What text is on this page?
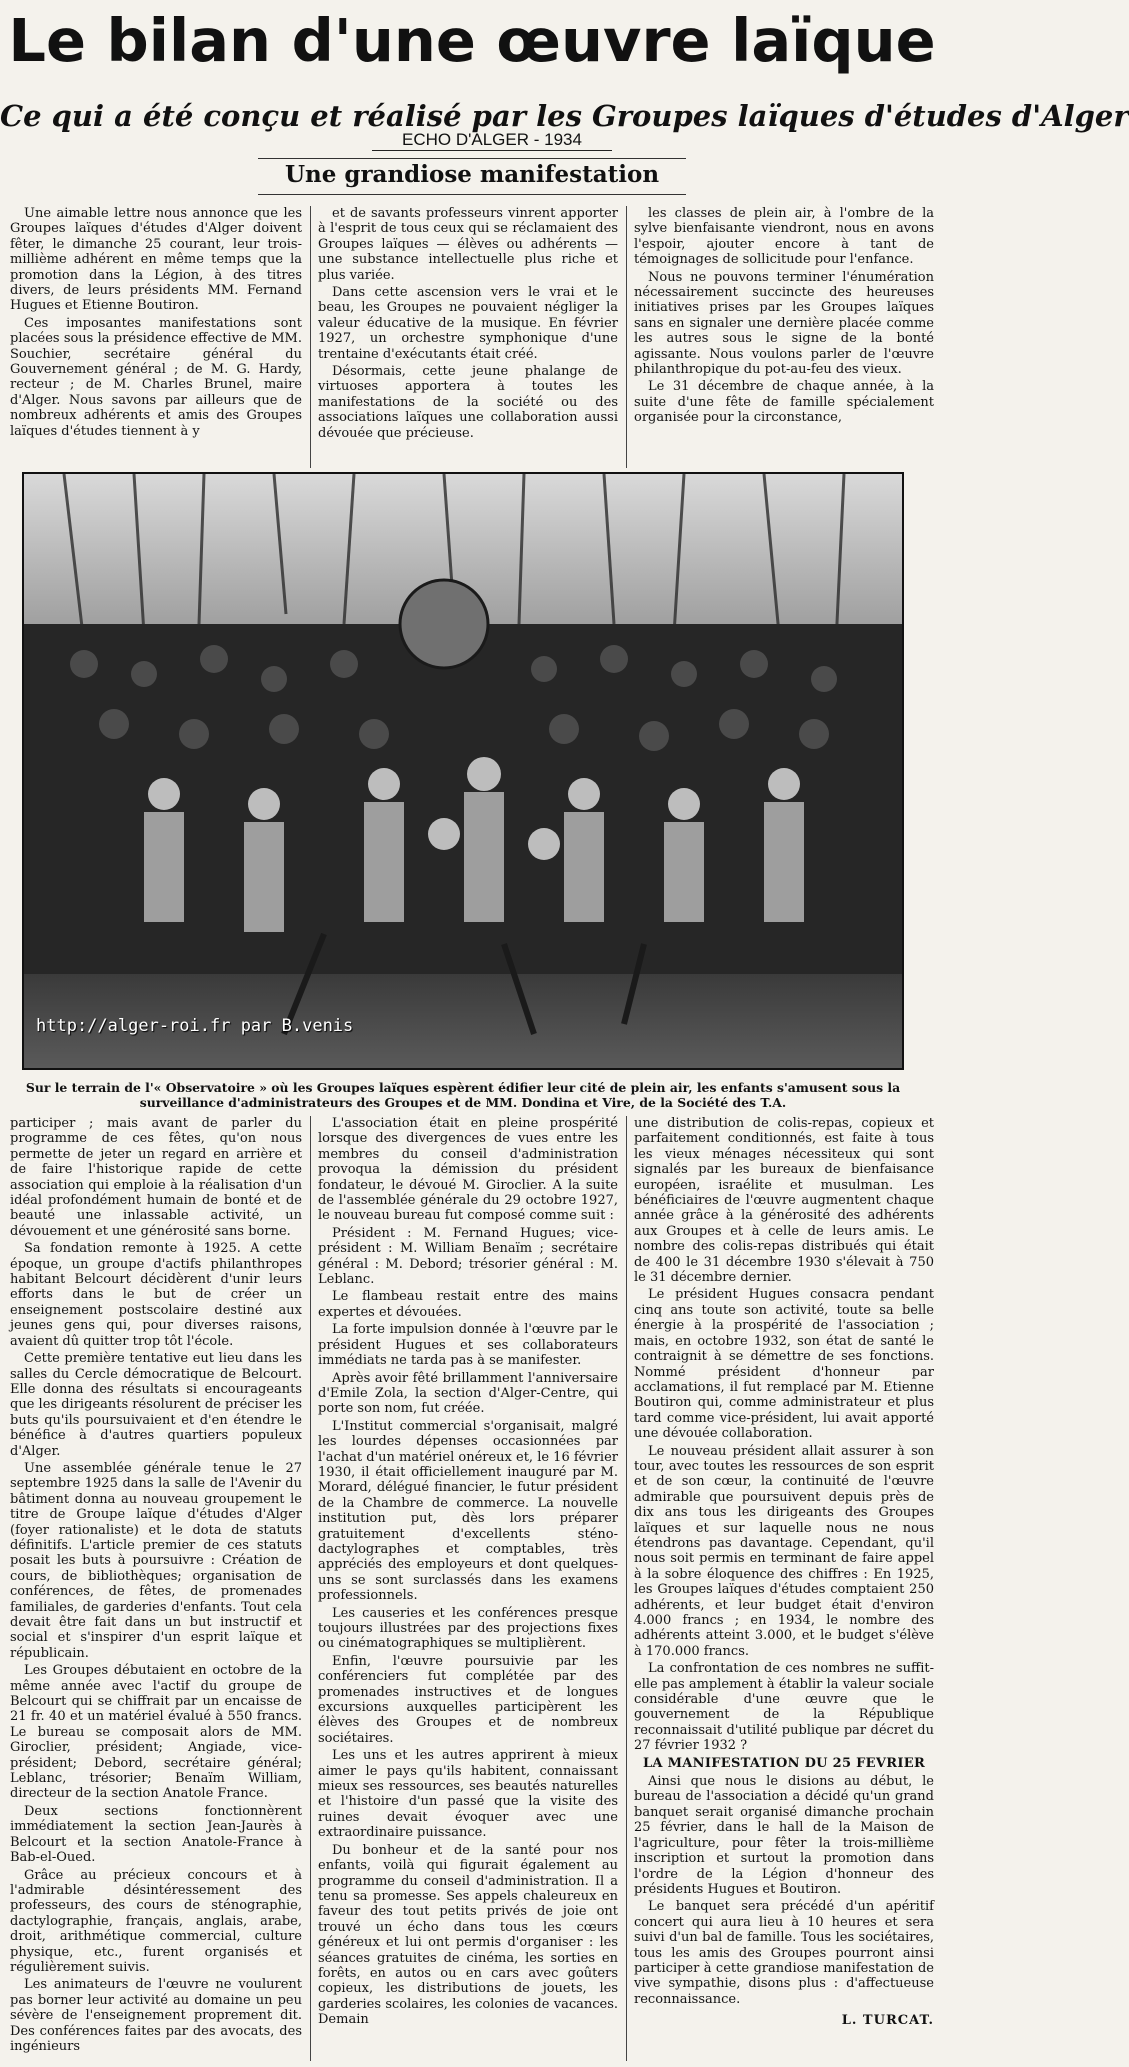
Le bilan d'une œuvre laïque
Ce qui a été conçu et réalisé par les Groupes laïques d'études d'Alger
ECHO D'ALGER - 1934
Une grandiose manifestation

Une aimable lettre nous annonce que les Groupes laïques d'études d'Alger doivent fêter, le dimanche 25 courant, leur trois-millième adhérent en même temps que la promotion dans la Légion, à des titres divers, de leurs présidents MM. Fernand Hugues et Etienne Boutiron.

Ces imposantes manifestations sont placées sous la présidence effective de MM. Souchier, secrétaire général du Gouvernement général ; de M. G. Hardy, recteur ; de M. Charles Brunel, maire d'Alger. Nous savons par ailleurs que de nombreux adhérents et amis des Groupes laïques d'études tiennent à y

et de savants professeurs vinrent apporter à l'esprit de tous ceux qui se réclamaient des Groupes laïques — élèves ou adhérents — une substance intellectuelle plus riche et plus variée.

Dans cette ascension vers le vrai et le beau, les Groupes ne pouvaient négliger la valeur éducative de la musique. En février 1927, un orchestre symphonique d'une trentaine d'exécutants était créé.

Désormais, cette jeune phalange de virtuoses apportera à toutes les manifestations de la société ou des associations laïques une collaboration aussi dévouée que précieuse.

les classes de plein air, à l'ombre de la sylve bienfaisante viendront, nous en avons l'espoir, ajouter encore à tant de témoignages de sollicitude pour l'enfance.

Nous ne pouvons terminer l'énumération nécessairement succincte des heureuses initiatives prises par les Groupes laïques sans en signaler une dernière placée comme les autres sous le signe de la bonté agissante. Nous voulons parler de l'œuvre philanthropique du pot-au-feu des vieux.

Le 31 décembre de chaque année, à la suite d'une fête de famille spécialement organisée pour la circonstance,

http://alger-roi.fr par B.venis
Sur le terrain de l'« Observatoire » où les Groupes laïques espèrent édifier leur cité de plein air, les enfants s'amusent sous la surveillance d'administrateurs des Groupes et de MM. Dondina et Vire, de la Société des T.A.

participer ; mais avant de parler du programme de ces fêtes, qu'on nous permette de jeter un regard en arrière et de faire l'historique rapide de cette association qui emploie à la réalisation d'un idéal profondément humain de bonté et de beauté une inlassable activité, un dévouement et une générosité sans borne.

Sa fondation remonte à 1925. A cette époque, un groupe d'actifs philanthropes habitant Belcourt décidèrent d'unir leurs efforts dans le but de créer un enseignement postscolaire destiné aux jeunes gens qui, pour diverses raisons, avaient dû quitter trop tôt l'école.

Cette première tentative eut lieu dans les salles du Cercle démocratique de Belcourt. Elle donna des résultats si encourageants que les dirigeants résolurent de préciser les buts qu'ils poursuivaient et d'en étendre le bénéfice à d'autres quartiers populeux d'Alger.

Une assemblée générale tenue le 27 septembre 1925 dans la salle de l'Avenir du bâtiment donna au nouveau groupement le titre de Groupe laïque d'études d'Alger (foyer rationaliste) et le dota de statuts définitifs. L'article premier de ces statuts posait les buts à poursuivre : Création de cours, de bibliothèques; organisation de conférences, de fêtes, de promenades familiales, de garderies d'enfants. Tout cela devait être fait dans un but instructif et social et s'inspirer d'un esprit laïque et républicain.

Les Groupes débutaient en octobre de la même année avec l'actif du groupe de Belcourt qui se chiffrait par un encaisse de 21 fr. 40 et un matériel évalué à 550 francs. Le bureau se composait alors de MM. Giroclier, président; Angiade, vice-président; Debord, secrétaire général; Leblanc, trésorier; Benaïm William, directeur de la section Anatole France.

Deux sections fonctionnèrent immédiatement la section Jean-Jaurès à Belcourt et la section Anatole-France à Bab-el-Oued.

Grâce au précieux concours et à l'admirable désintéressement des professeurs, des cours de sténographie, dactylographie, français, anglais, arabe, droit, arithmétique commercial, culture physique, etc., furent organisés et régulièrement suivis.

Les animateurs de l'œuvre ne voulurent pas borner leur activité au domaine un peu sévère de l'enseignement proprement dit. Des conférences faites par des avocats, des ingénieurs

L'association était en pleine prospérité lorsque des divergences de vues entre les membres du conseil d'administration provoqua la démission du président fondateur, le dévoué M. Giroclier. A la suite de l'assemblée générale du 29 octobre 1927, le nouveau bureau fut composé comme suit :

Président : M. Fernand Hugues; vice-président : M. William Benaïm ; secrétaire général : M. Debord; trésorier général : M. Leblanc.

Le flambeau restait entre des mains expertes et dévouées.

La forte impulsion donnée à l'œuvre par le président Hugues et ses collaborateurs immédiats ne tarda pas à se manifester.

Après avoir fêté brillamment l'anniversaire d'Emile Zola, la section d'Alger-Centre, qui porte son nom, fut créée.

L'Institut commercial s'organisait, malgré les lourdes dépenses occasionnées par l'achat d'un matériel onéreux et, le 16 février 1930, il était officiellement inauguré par M. Morard, délégué financier, le futur président de la Chambre de commerce. La nouvelle institution put, dès lors préparer gratuitement d'excellents sténo-dactylographes et comptables, très appréciés des employeurs et dont quelques-uns se sont surclassés dans les examens professionnels.

Les causeries et les conférences presque toujours illustrées par des projections fixes ou cinématographiques se multiplièrent.

Enfin, l'œuvre poursuivie par les conférenciers fut complétée par des promenades instructives et de longues excursions auxquelles participèrent les élèves des Groupes et de nombreux sociétaires.

Les uns et les autres apprirent à mieux aimer le pays qu'ils habitent, connaissant mieux ses ressources, ses beautés naturelles et l'histoire d'un passé que la visite des ruines devait évoquer avec une extraordinaire puissance.

Du bonheur et de la santé pour nos enfants, voilà qui figurait également au programme du conseil d'administration. Il a tenu sa promesse. Ses appels chaleureux en faveur des tout petits privés de joie ont trouvé un écho dans tous les cœurs généreux et lui ont permis d'organiser : les séances gratuites de cinéma, les sorties en forêts, en autos ou en cars avec goûters copieux, les distributions de jouets, les garderies scolaires, les colonies de vacances. Demain

une distribution de colis-repas, copieux et parfaitement conditionnés, est faite à tous les vieux ménages nécessiteux qui sont signalés par les bureaux de bienfaisance européen, israélite et musulman. Les bénéficiaires de l'œuvre augmentent chaque année grâce à la générosité des adhérents aux Groupes et à celle de leurs amis. Le nombre des colis-repas distribués qui était de 400 le 31 décembre 1930 s'élevait à 750 le 31 décembre dernier.

Le président Hugues consacra pendant cinq ans toute son activité, toute sa belle énergie à la prospérité de l'association ; mais, en octobre 1932, son état de santé le contraignit à se démettre de ses fonctions. Nommé président d'honneur par acclamations, il fut remplacé par M. Etienne Boutiron qui, comme administrateur et plus tard comme vice-président, lui avait apporté une dévouée collaboration.

Le nouveau président allait assurer à son tour, avec toutes les ressources de son esprit et de son cœur, la continuité de l'œuvre admirable que poursuivent depuis près de dix ans tous les dirigeants des Groupes laïques et sur laquelle nous ne nous étendrons pas davantage. Cependant, qu'il nous soit permis en terminant de faire appel à la sobre éloquence des chiffres : En 1925, les Groupes laïques d'études comptaient 250 adhérents, et leur budget était d'environ 4.000 francs ; en 1934, le nombre des adhérents atteint 3.000, et le budget s'élève à 170.000 francs.

La confrontation de ces nombres ne suffit-elle pas amplement à établir la valeur sociale considérable d'une œuvre que le gouvernement de la République reconnaissait d'utilité publique par décret du 27 février 1932 ?

LA MANIFESTATION DU 25 FEVRIER

Ainsi que nous le disions au début, le bureau de l'association a décidé qu'un grand banquet serait organisé dimanche prochain 25 février, dans le hall de la Maison de l'agriculture, pour fêter la trois-millième inscription et surtout la promotion dans l'ordre de la Légion d'honneur des présidents Hugues et Boutiron.

Le banquet sera précédé d'un apéritif concert qui aura lieu à 10 heures et sera suivi d'un bal de famille. Tous les sociétaires, tous les amis des Groupes pourront ainsi participer à cette grandiose manifestation de vive sympathie, disons plus : d'affectueuse reconnaissance.

L. TURCAT.
